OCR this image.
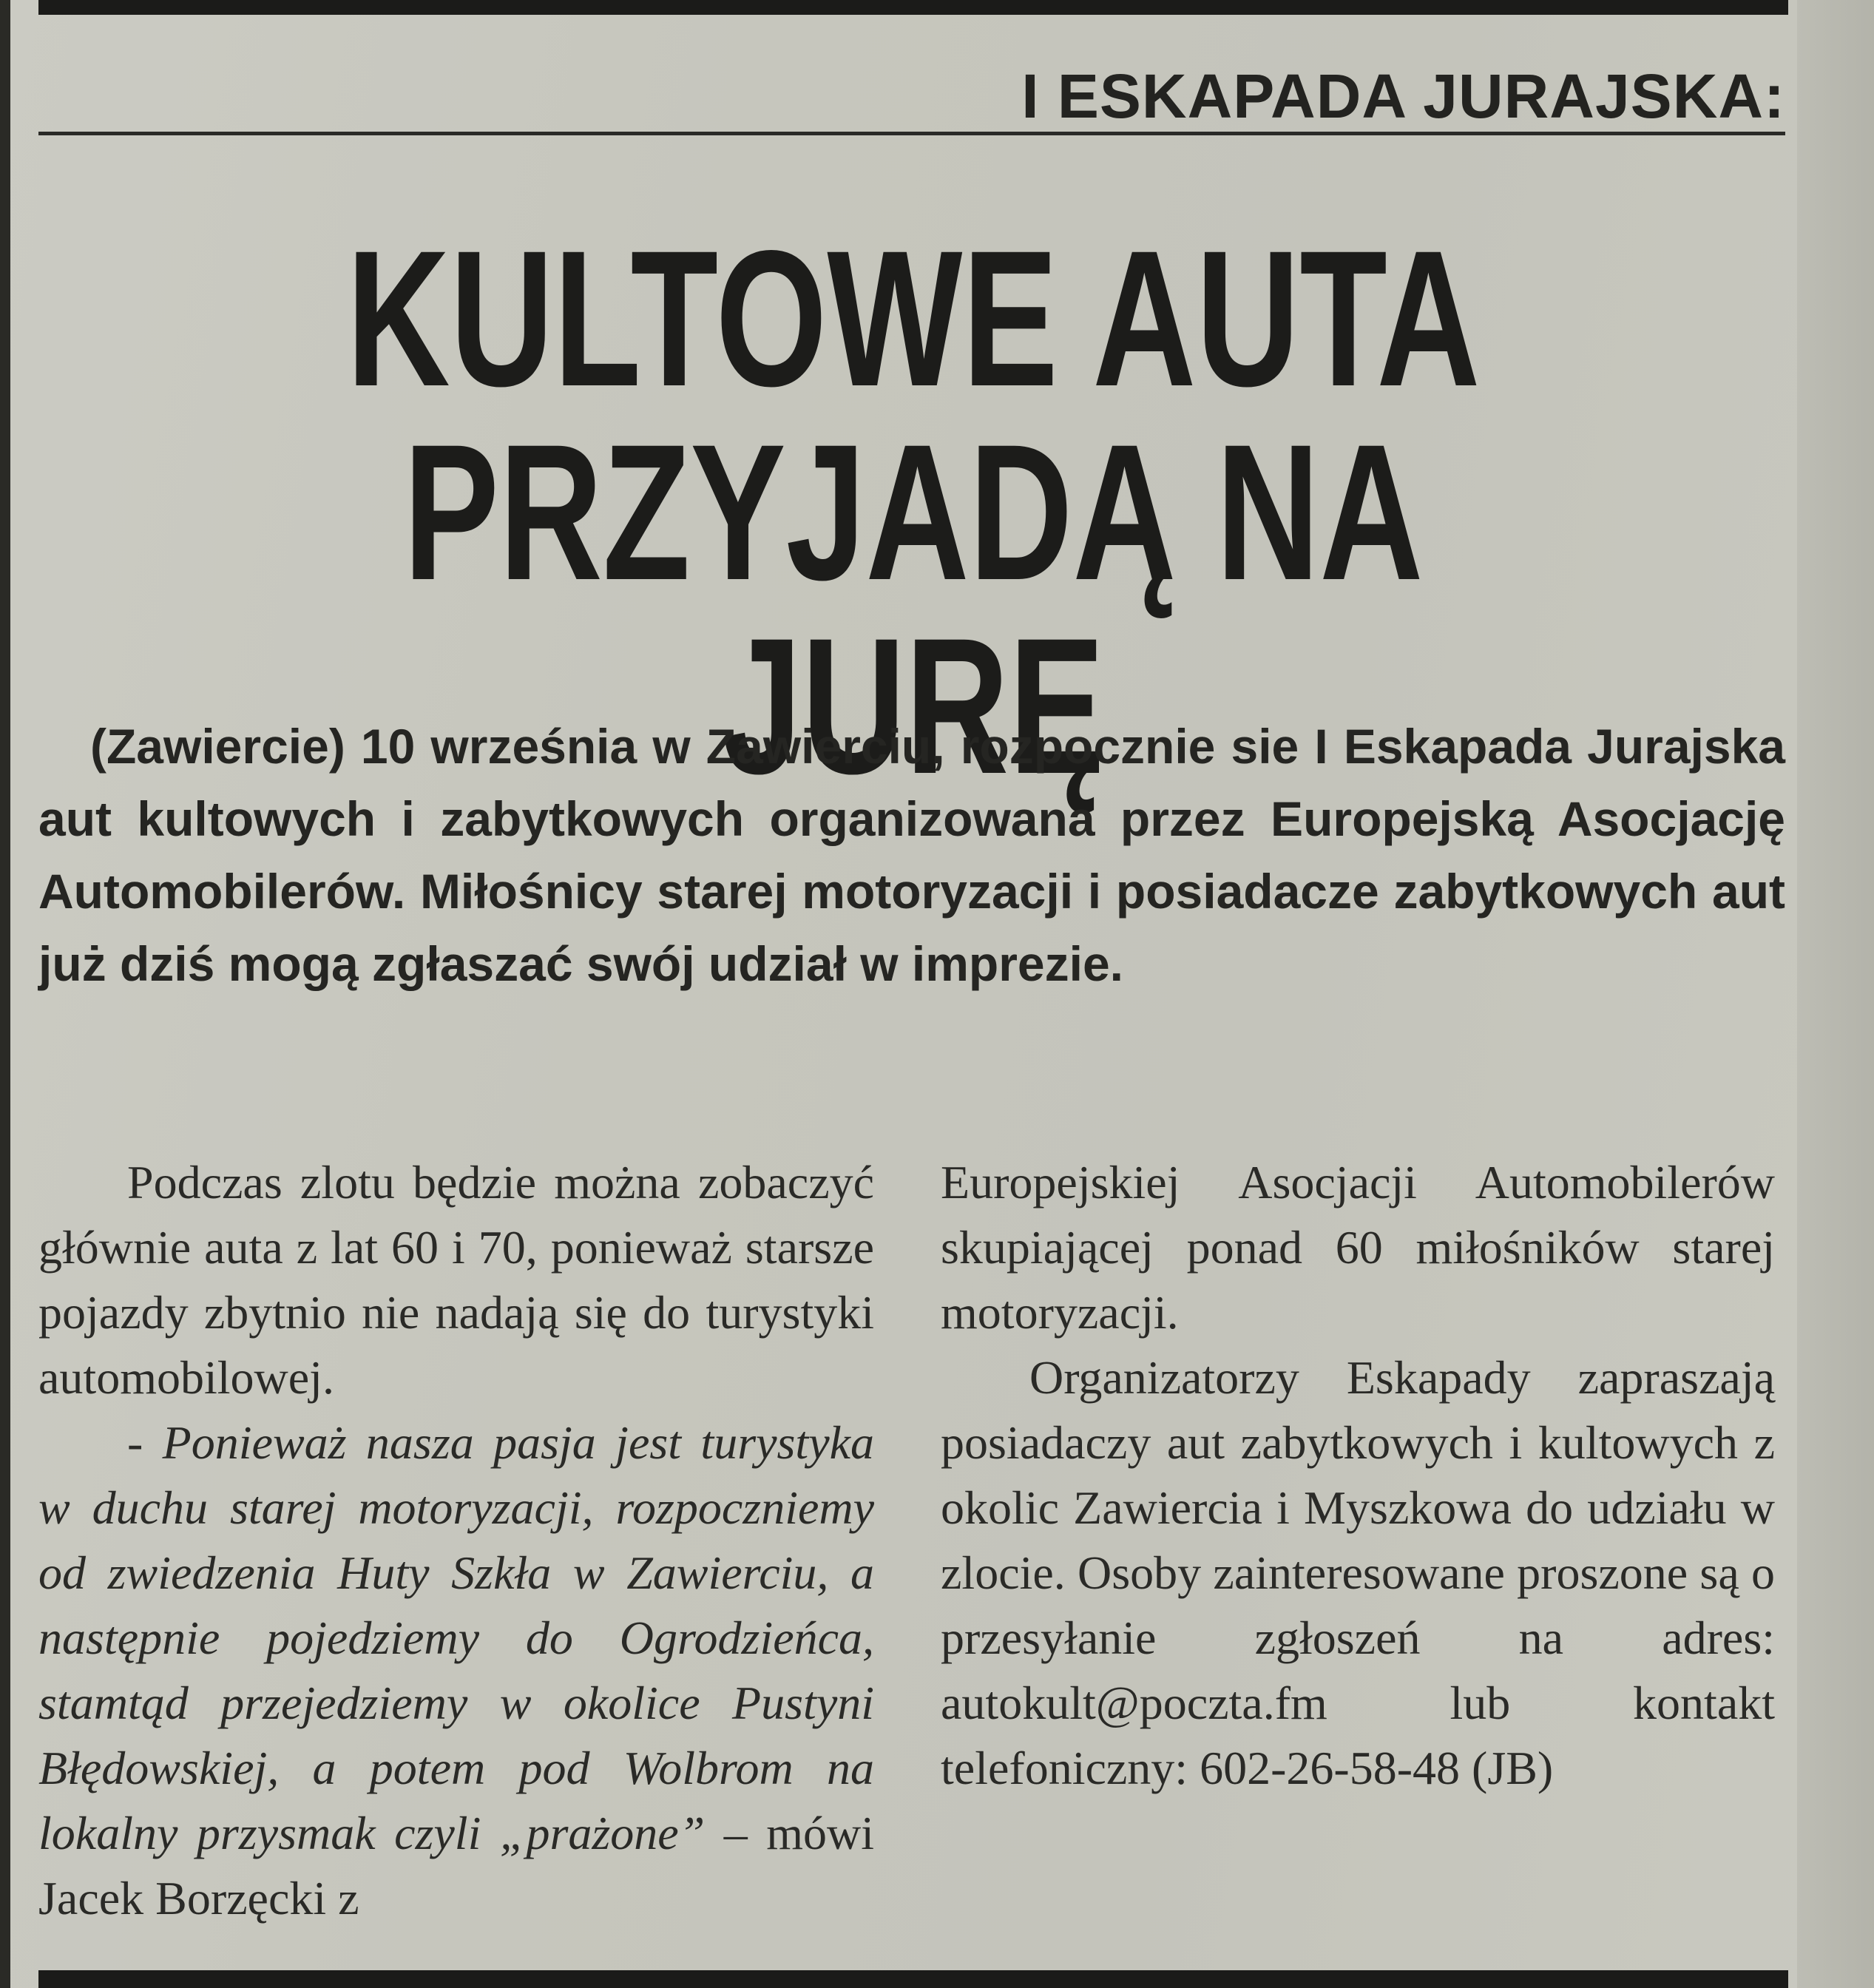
I ESKAPADA JURAJSKA:
KULTOWE AUTA
PRZYJADĄ NA JURĘ
(Zawiercie) 10 września w Zawierciu, rozpocznie sie I Eskapada Jurajska aut kultowych i zabytkowych organizowana przez Europejską Asocjację Automobilerów. Miłośnicy starej motoryzacji i posiadacze zabytkowych aut już dziś mogą zgłaszać swój udział w imprezie.

Podczas zlotu będzie można zobaczyć głównie auta z lat 60 i 70, ponieważ starsze pojazdy zbytnio nie nadają się do turystyki automobilowej.

- Ponieważ nasza pasja jest turystyka w duchu starej motoryzacji, rozpoczniemy od zwiedzenia Huty Szkła w Zawierciu, a następnie pojedziemy do Ogrodzieńca, stamtąd przejedziemy w okolice Pustyni Błędowskiej, a potem pod Wolbrom na lokalny przysmak czyli „prażone” – mówi Jacek Borzęcki z

Europejskiej Asocjacji Automobilerów skupiającej ponad 60 miłośników starej motoryzacji.

Organizatorzy Eskapady zapraszają posiadaczy aut zabytkowych i kultowych z okolic Zawiercia i Myszkowa do udziału w zlocie. Osoby zainteresowane proszone są o przesyłanie zgłoszeń na adres: autokult@poczta.fm lub kontakt telefoniczny: 602-26-58-48 (JB)
